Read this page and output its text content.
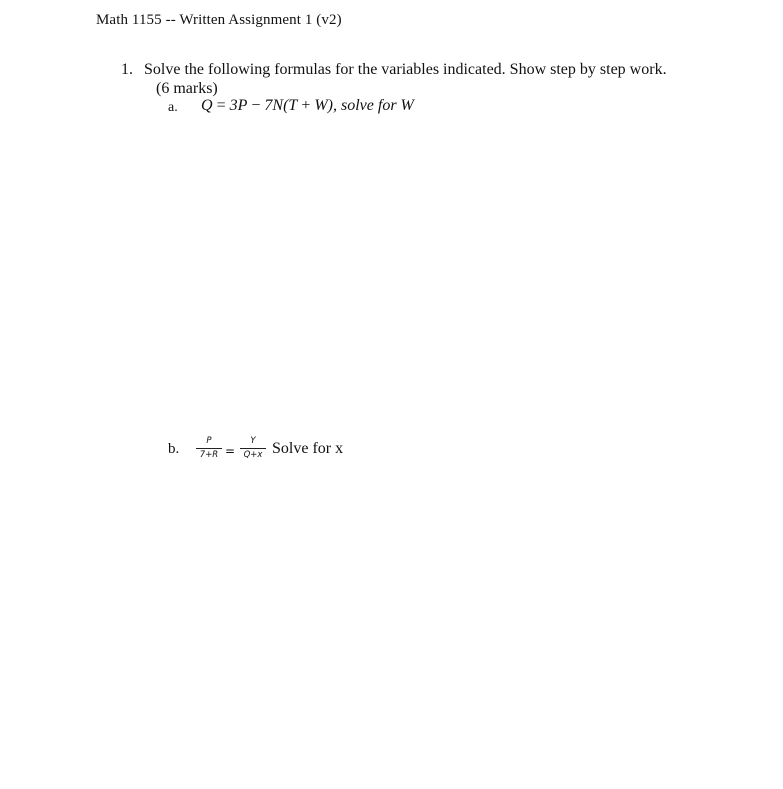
Math 1155 -- Written Assignment 1 (v2)
1. Solve the following formulas for the variables indicated. Show step by step work.
(6 marks)
a. Q = 3P − 7N(T + W), solve for W
b.	P
7+R =
Y
Q+x Solve for x
